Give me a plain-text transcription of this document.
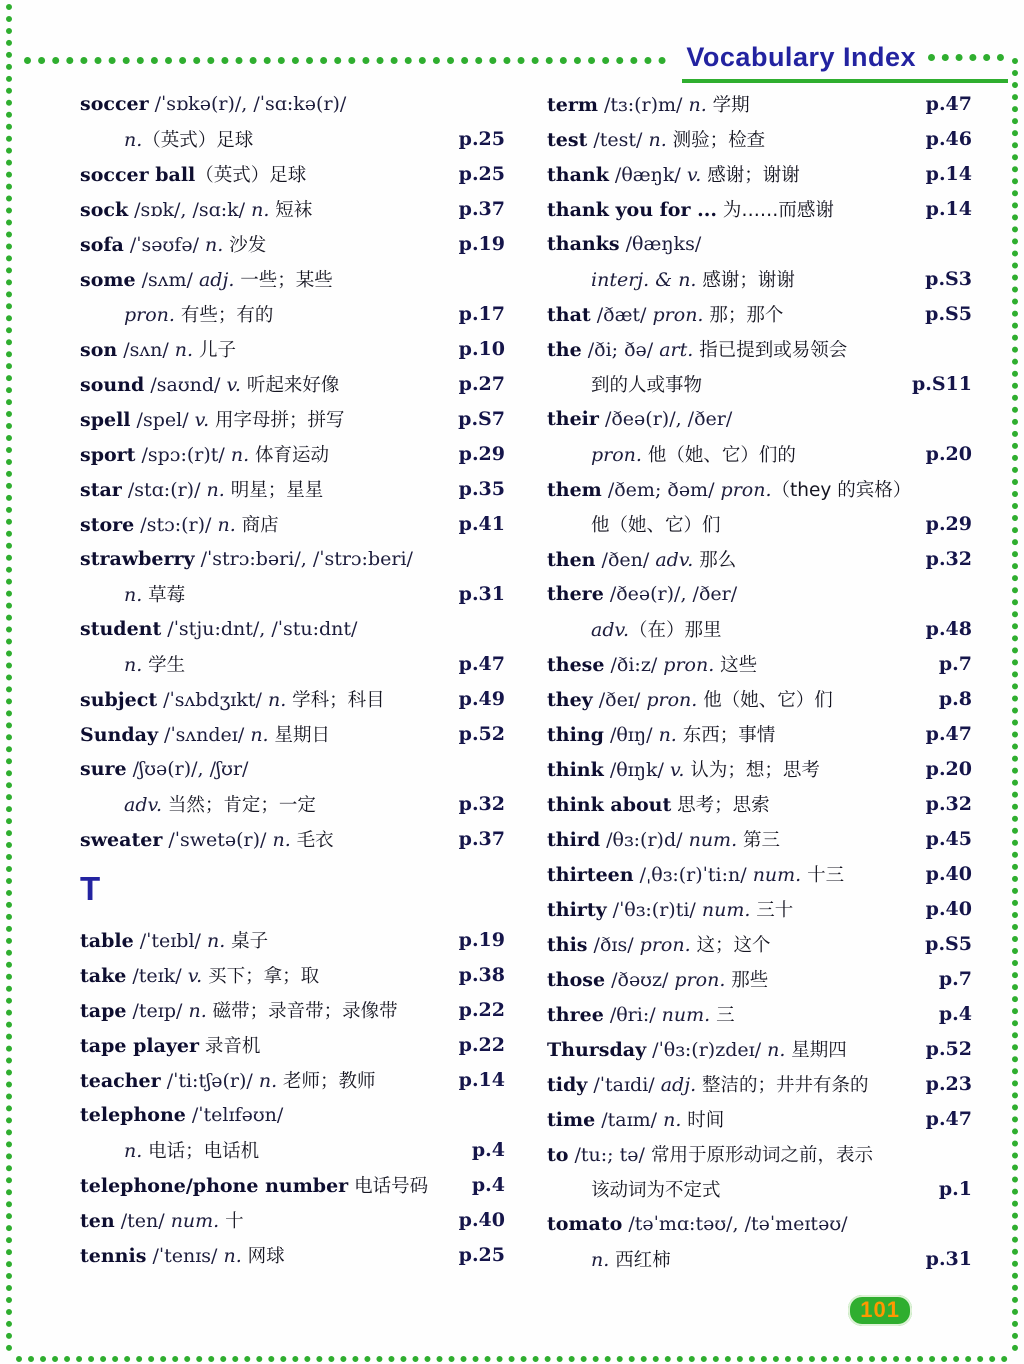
Vocabulary Index
soccer /ˈsɒkə(r)/, /ˈsɑ:kə(r)/
n.（英式）足球	p.25
soccer ball（英式）足球	p.25
sock /sɒk/, /sɑ:k/ n. 短袜	p.37
sofa /ˈsəʊfə/ n. 沙发	p.19
some /sʌm/ adj. 一些；某些
pron. 有些；有的	p.17
son /sʌn/ n. 儿子	p.10
sound /saʊnd/ v. 听起来好像	p.27
spell /spel/ v. 用字母拼；拼写	p.S7
sport /spɔ:(r)t/ n. 体育运动	p.29
star /stɑ:(r)/ n. 明星；星星	p.35
store /stɔ:(r)/ n. 商店	p.41
strawberry /ˈstrɔ:bəri/, /ˈstrɔ:beri/
n. 草莓	p.31
student /ˈstju:dnt/, /ˈstu:dnt/
n. 学生	p.47
subject /ˈsʌbdʒɪkt/ n. 学科；科目	p.49
Sunday /ˈsʌndeɪ/ n. 星期日	p.52
sure /ʃʊə(r)/, /ʃʊr/
adv. 当然；肯定；一定	p.32
sweater /ˈswetə(r)/ n. 毛衣	p.37
T
table /ˈteɪbl/ n. 桌子	p.19
take /teɪk/ v. 买下；拿；取	p.38
tape /teɪp/ n. 磁带；录音带；录像带	p.22
tape player 录音机	p.22
teacher /ˈti:tʃə(r)/ n. 老师；教师	p.14
telephone /ˈtelɪfəʊn/
n. 电话；电话机	p.4
telephone/phone number 电话号码	p.4
ten /ten/ num. 十	p.40
tennis /ˈtenɪs/ n. 网球	p.25
term /tɜ:(r)m/ n. 学期	p.47
test /test/ n. 测验；检查	p.46
thank /θæŋk/ v. 感谢；谢谢	p.14
thank you for ... 为……而感谢	p.14
thanks /θæŋks/
interj. & n. 感谢；谢谢	p.S3
that /ðæt/ pron. 那；那个	p.S5
the /ði; ðə/ art. 指已提到或易领会
到的人或事物	p.S11
their /ðeə(r)/, /ðer/
pron. 他（她、它）们的	p.20
them /ðem; ðəm/ pron.（they 的宾格）
他（她、它）们	p.29
then /ðen/ adv. 那么	p.32
there /ðeə(r)/, /ðer/
adv.（在）那里	p.48
these /ði:z/ pron. 这些	p.7
they /ðeɪ/ pron. 他（她、它）们	p.8
thing /θɪŋ/ n. 东西；事情	p.47
think /θɪŋk/ v. 认为；想；思考	p.20
think about 思考；思索	p.32
third /θɜ:(r)d/ num. 第三	p.45
thirteen /ˌθɜ:(r)ˈti:n/ num. 十三	p.40
thirty /ˈθɜ:(r)ti/ num. 三十	p.40
this /ðɪs/ pron. 这；这个	p.S5
those /ðəʊz/ pron. 那些	p.7
three /θri:/ num. 三	p.4
Thursday /ˈθɜ:(r)zdeɪ/ n. 星期四	p.52
tidy /ˈtaɪdi/ adj. 整洁的；井井有条的	p.23
time /taɪm/ n. 时间	p.47
to /tu:; tə/ 常用于原形动词之前，表示
该动词为不定式	p.1
tomato /təˈmɑ:təʊ/, /təˈmeɪtəʊ/
n. 西红柿	p.31
101
